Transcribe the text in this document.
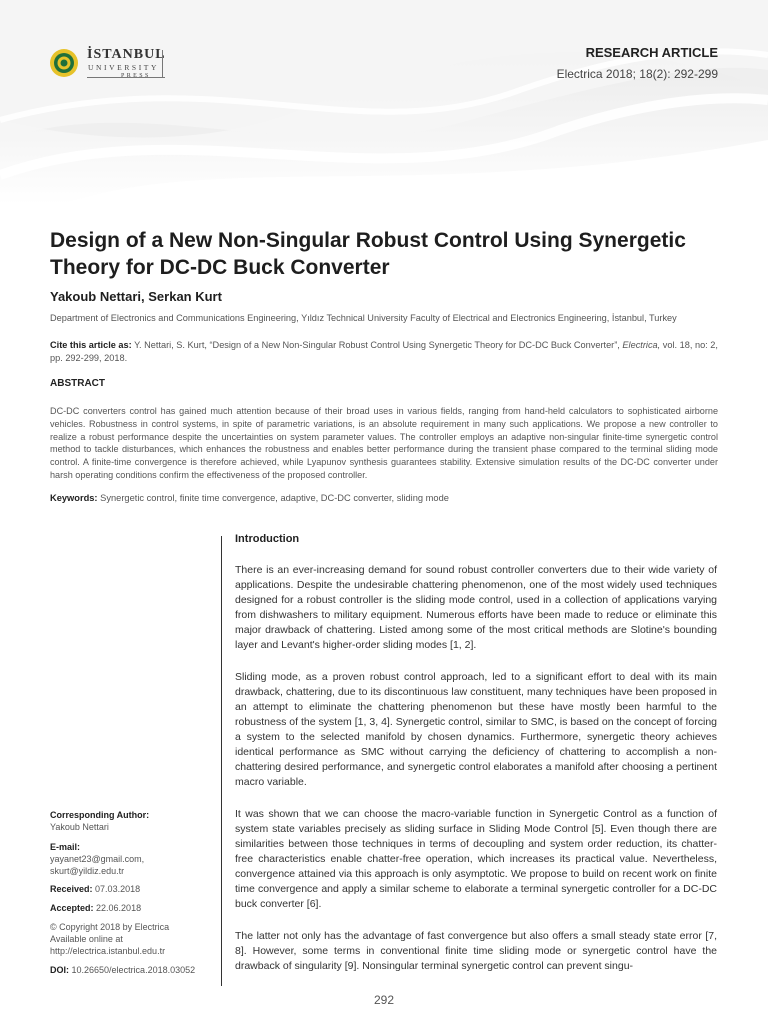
İSTANBUL
UNIVERSITY
PRESS
RESEARCH ARTICLE
Electrica 2018; 18(2): 292-299
Design of a New Non-Singular Robust Control Using Synergetic Theory for DC-DC Buck Converter
Yakoub Nettari, Serkan Kurt
Department of Electronics and Communications Engineering, Yıldız Technical University Faculty of Electrical and Electronics Engineering, İstanbul, Turkey

Cite this article as: Y. Nettari, S. Kurt, “Design of a New Non-Singular Robust Control Using Synergetic Theory for DC-DC Buck Converter”, Electrica, vol. 18, no: 2, pp. 292-299, 2018.

ABSTRACT

DC-DC converters control has gained much attention because of their broad uses in various fields, ranging from hand-held calculators to sophisticated airborne vehicles. Robustness in control systems, in spite of parametric variations, is an absolute requirement in many such applications. We propose a new controller to realize a robust performance despite the uncertainties on system parameter values. The controller employs an adaptive non-singular finite-time synergetic control method to tackle disturbances, which enhances the robustness and enables better performance during the transient phase compared to the terminal sliding mode control. A finite-time convergence is therefore achieved, while Lyapunov synthesis guarantees stability. Extensive simulation results of the DC-DC converter under harsh operating conditions confirm the effectiveness of the proposed controller.

Keywords: Synergetic control, finite time convergence, adaptive, DC-DC converter, sliding mode
Corresponding Author:
Yakoub Nettari
E-mail:
yayanet23@gmail.com,
skurt@yildiz.edu.tr
Received: 07.03.2018
Accepted: 22.06.2018
© Copyright 2018 by Electrica
Available online at
http://electrica.istanbul.edu.tr
DOI: 10.26650/electrica.2018.03052
Introduction

There is an ever-increasing demand for sound robust controller converters due to their wide variety of applications. Despite the undesirable chattering phenomenon, one of the most widely used techniques designed for a robust controller is the sliding mode control, used in a collection of applications varying from dishwashers to military equipment. Numerous efforts have been made to reduce or eliminate this major drawback of chattering. Listed among some of the most critical methods are Slotine's bounding layer and Levant's higher-order sliding modes [1, 2].

Sliding mode, as a proven robust control approach, led to a significant effort to deal with its main drawback, chattering, due to its discontinuous law constituent, many techniques have been proposed in an attempt to eliminate the chattering phenomenon but these have mostly been harmful to the robustness of the system [1, 3, 4]. Synergetic control, similar to SMC, is based on the concept of forcing a system to the selected manifold by chosen dynamics. Furthermore, synergetic theory achieves identical performance as SMC without carrying the deficiency of chattering to accomplish a non-chattering desired performance, and synergetic control elaborates a manifold after choosing a pertinent macro variable.

It was shown that we can choose the macro-variable function in Synergetic Control as a function of system state variables precisely as sliding surface in Sliding Mode Control [5]. Even though there are similarities between those techniques in terms of decoupling and system order reduction, its chatter-free characteristics enable chatter-free operation, which increases its practical value. Nevertheless, convergence attained via this approach is only asymptotic. We propose to build on recent work on finite time convergence and apply a similar scheme to elaborate a terminal synergetic controller for a DC-DC buck converter [6].

The latter not only has the advantage of fast convergence but also offers a small steady state error [7, 8]. However, some terms in conventional finite time sliding mode or synergetic control have the drawback of singularity [9]. Nonsingular terminal synergetic control can prevent singu-

292
